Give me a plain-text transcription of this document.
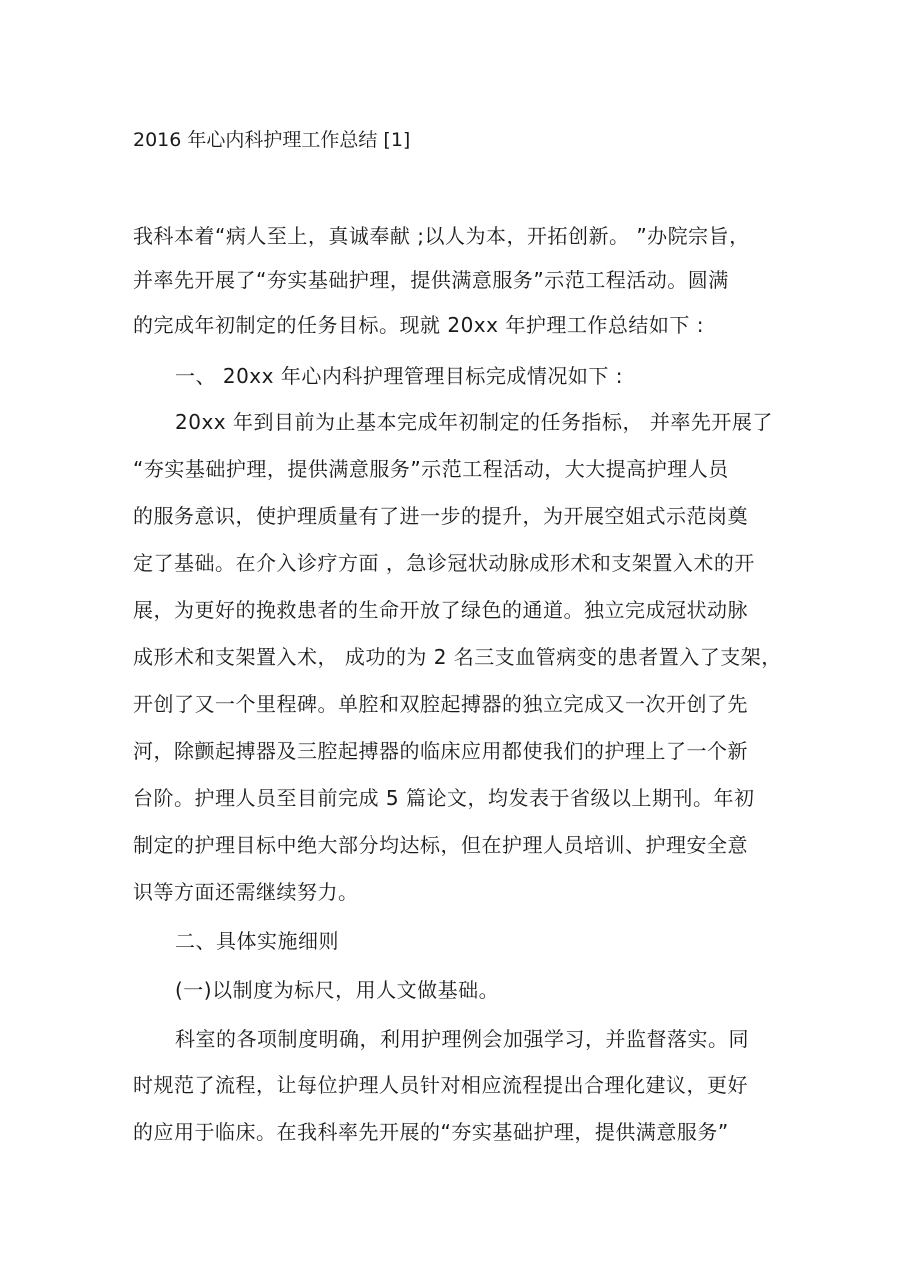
2016 年心内科护理工作总结 [1]
我科本着“病人至上，真诚奉献 ;以人为本，开拓创新。 ”办院宗旨，
并率先开展了“夯实基础护理，提供满意服务”示范工程活动。圆满
的完成年初制定的任务目标。现就 20xx 年护理工作总结如下 :
一、 20xx 年心内科护理管理目标完成情况如下 :
20xx 年到目前为止基本完成年初制定的任务指标， 并率先开展了
“夯实基础护理，提供满意服务”示范工程活动，大大提高护理人员
的服务意识，使护理质量有了进一步的提升，为开展空姐式示范岗奠
定了基础。在介入诊疗方面 ，急诊冠状动脉成形术和支架置入术的开
展，为更好的挽救患者的生命开放了绿色的通道。独立完成冠状动脉
成形术和支架置入术， 成功的为 2 名三支血管病变的患者置入了支架，
开创了又一个里程碑。单腔和双腔起搏器的独立完成又一次开创了先
河，除颤起搏器及三腔起搏器的临床应用都使我们的护理上了一个新
台阶。护理人员至目前完成 5 篇论文，均发表于省级以上期刊。年初
制定的护理目标中绝大部分均达标，但在护理人员培训、护理安全意
识等方面还需继续努力。
二、具体实施细则
(一)以制度为标尺，用人文做基础。
科室的各项制度明确，利用护理例会加强学习，并监督落实。同
时规范了流程，让每位护理人员针对相应流程提出合理化建议，更好
的应用于临床。在我科率先开展的“夯实基础护理，提供满意服务”
